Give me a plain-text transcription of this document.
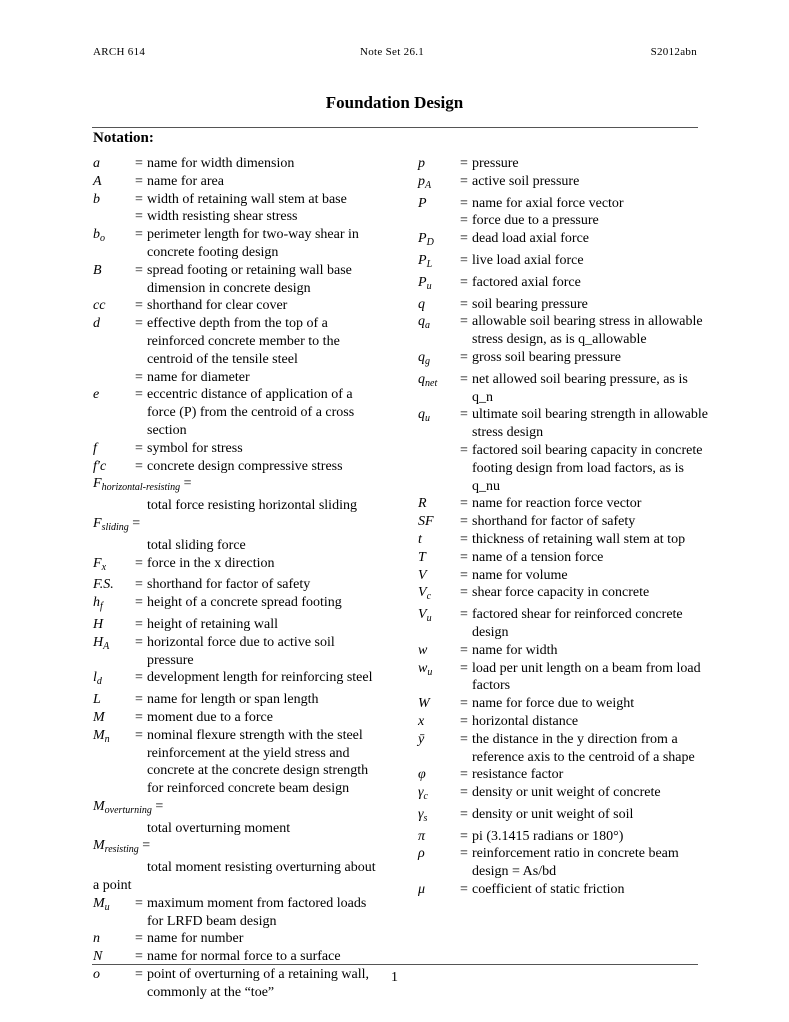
ARCH 614	Note Set 26.1	S2012abn
Foundation Design
Notation:
a	= name for width dimension
A	= name for area
b	= width of retaining wall stem at base
= width resisting shear stress
$b_o$	= perimeter length for two-way shear in concrete footing design
B	= spread footing or retaining wall base dimension in concrete design
cc	= shorthand for clear cover
d	= effective depth from the top of a reinforced concrete member to the centroid of the tensile steel
= name for diameter
e	= eccentric distance of application of a force (P) from the centroid of a cross section
f	= symbol for stress
f′c	= concrete design compressive stress
$F_{horizontal-resisting}$ =
total force resisting horizontal sliding
$F_{sliding}$ =
total sliding force
$F_x$	= force in the x direction
F.S.	= shorthand for factor of safety
$h_f$	= height of a concrete spread footing
H	= height of retaining wall
$H_A$	= horizontal force due to active soil pressure
$l_d$	= development length for reinforcing steel
L	= name for length or span length
M	= moment due to a force
$M_n$	= nominal flexure strength with the steel reinforcement at the yield stress and concrete at the concrete design strength for reinforced concrete beam design
$M_{overturning}$ =
total overturning moment
$M_{resisting}$ =
total moment resisting overturning about a point
$M_u$	= maximum moment from factored loads for LRFD beam design
n	= name for number
N	= name for normal force to a surface
o	= point of overturning of a retaining wall, commonly at the “toe”
p	= pressure
$p_A$	= active soil pressure
P	= name for axial force vector
= force due to a pressure
$P_D$	= dead load axial force
$P_L$	= live load axial force
$P_u$	= factored axial force
q	= soil bearing pressure
$q_a$	= allowable soil bearing stress in allowable stress design, as is q_allowable
$q_g$	= gross soil bearing pressure
$q_{net}$	= net allowed soil bearing pressure, as is q_n
$q_u$	= ultimate soil bearing strength in allowable stress design
= factored soil bearing capacity in concrete footing design from load factors, as is q_nu
R	= name for reaction force vector
SF	= shorthand for factor of safety
t	= thickness of retaining wall stem at top
T	= name of a tension force
V	= name for volume
$V_c$	= shear force capacity in concrete
$V_u$	= factored shear for reinforced concrete design
w	= name for width
$w_u$	= load per unit length on a beam from load factors
W	= name for force due to weight
x	= horizontal distance
ȳ	= the distance in the y direction from a reference axis to the centroid of a shape
φ	= resistance factor
$\gamma_c$	= density or unit weight of concrete
$\gamma_s$	= density or unit weight of soil
π	= pi (3.1415 radians or 180°)
ρ	= reinforcement ratio in concrete beam design = As/bd
μ	= coefficient of static friction
1
